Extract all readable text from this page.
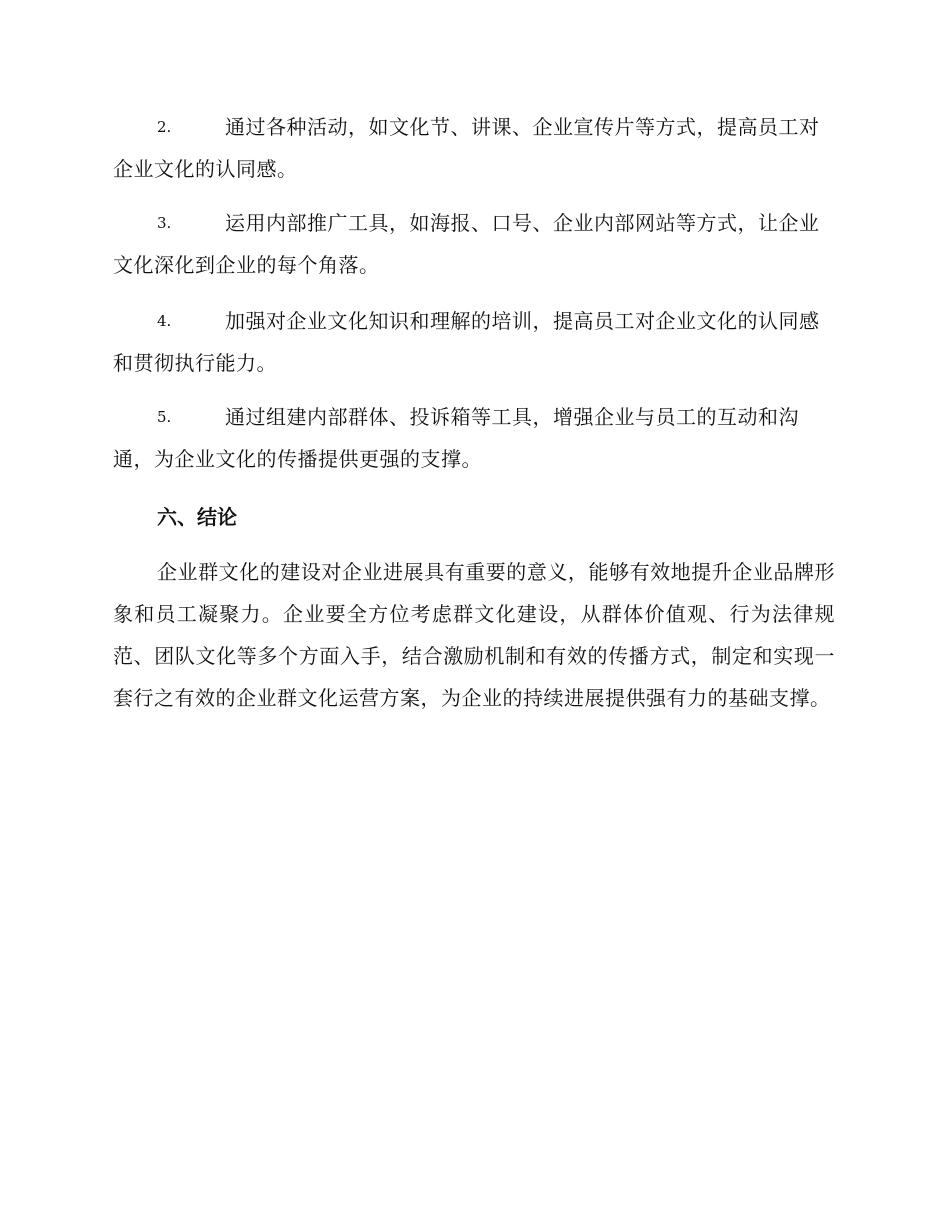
2.	通过各种活动，如文化节、讲课、企业宣传片等方式，提高员工对企业文化的认同感。
3.	运用内部推广工具，如海报、口号、企业内部网站等方式，让企业文化深化到企业的每个角落。
4.	加强对企业文化知识和理解的培训，提高员工对企业文化的认同感和贯彻执行能力。
5.	通过组建内部群体、投诉箱等工具，增强企业与员工的互动和沟通，为企业文化的传播提供更强的支撑。
六、结论
企业群文化的建设对企业进展具有重要的意义，能够有效地提升企业品牌形象和员工凝聚力。企业要全方位考虑群文化建设，从群体价值观、行为法律规范、团队文化等多个方面入手，结合激励机制和有效的传播方式，制定和实现一套行之有效的企业群文化运营方案，为企业的持续进展提供强有力的基础支撑。
